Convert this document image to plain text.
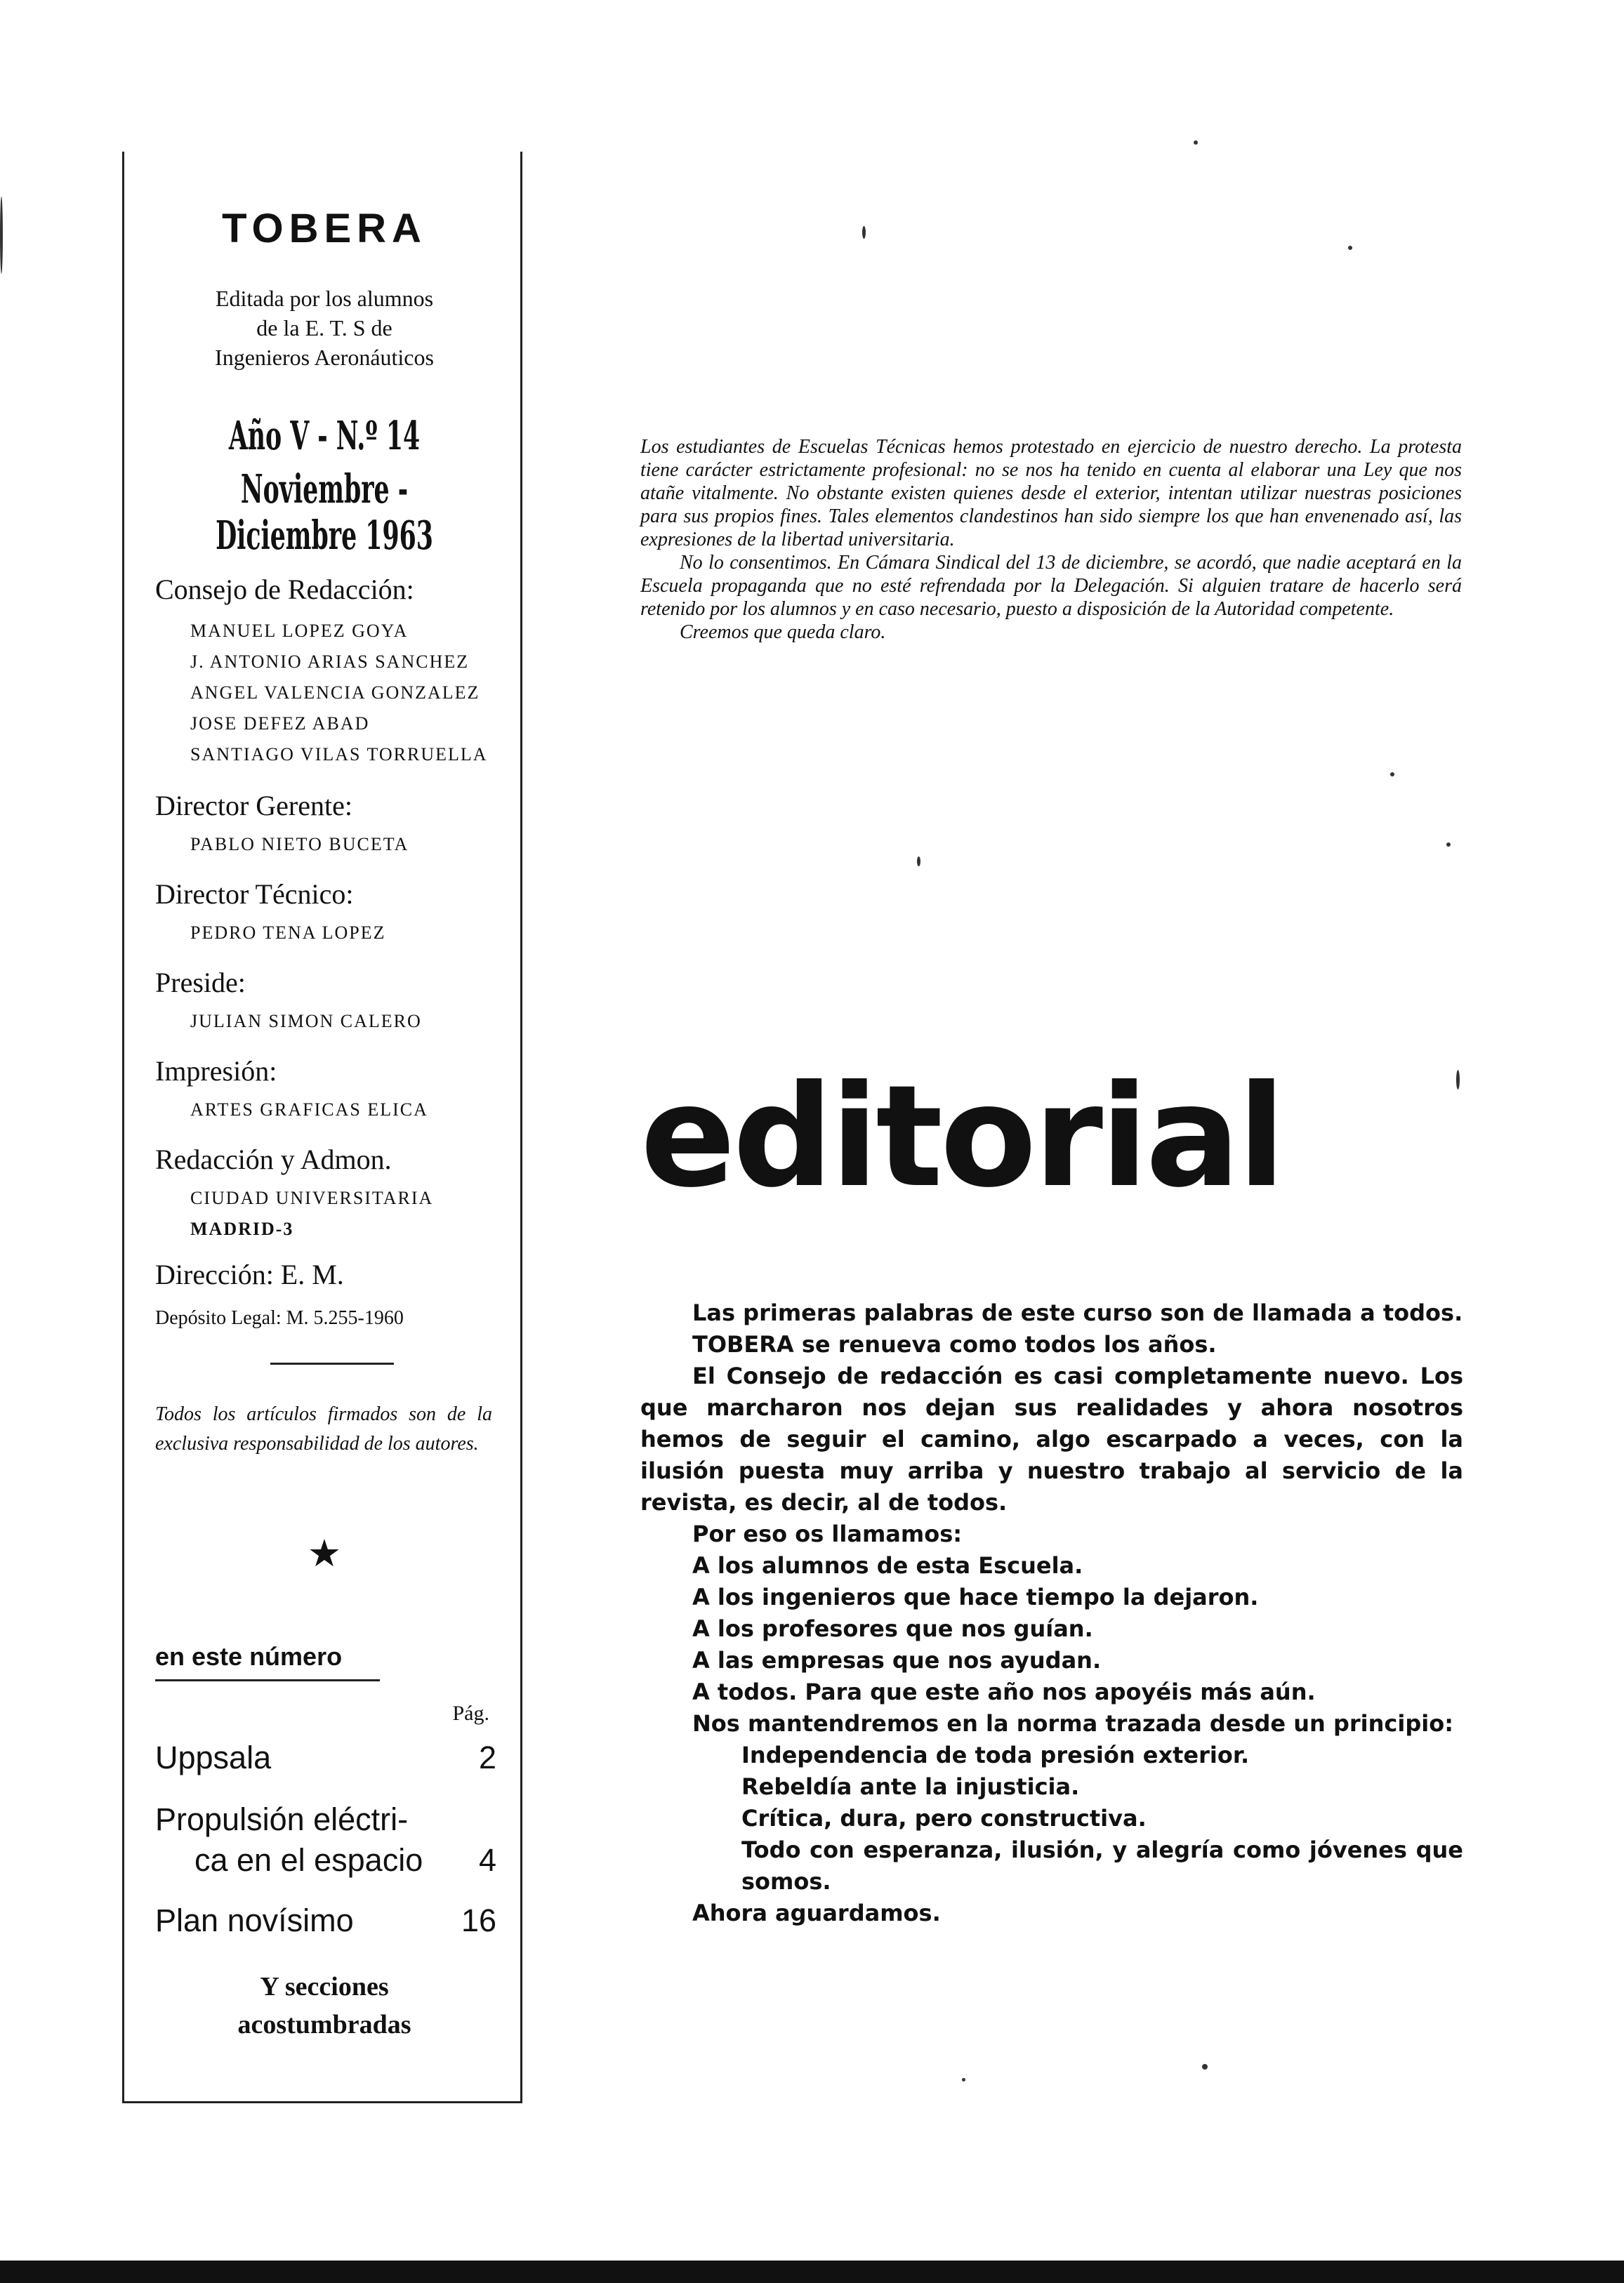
TOBERA
Editada por los alumnos
de la E. T. S de
Ingenieros Aeronáuticos
Año V - N.º 14
Noviembre - Diciembre 1963
Consejo de Redacción:
MANUEL LOPEZ GOYA
J. ANTONIO ARIAS SANCHEZ
ANGEL VALENCIA GONZALEZ
JOSE DEFEZ ABAD
SANTIAGO VILAS TORRUELLA
Director Gerente:
PABLO NIETO BUCETA
Director Técnico:
PEDRO TENA LOPEZ
Preside:
JULIAN SIMON CALERO
Impresión:
ARTES GRAFICAS ELICA
Redacción y Admon.
CIUDAD UNIVERSITARIA
MADRID-3
Dirección: E. M.
Depósito Legal: M. 5.255-1960
Todos los artículos firmados son de la exclusiva responsabilidad de los autores.
★
en este número
Pág.
Uppsala	2
Propulsión eléctri-
ca en el espacio 4
Plan novísimo	16
Y secciones
acostumbradas

Los estudiantes de Escuelas Técnicas hemos protestado en ejercicio de nuestro derecho. La protesta tiene carácter estrictamente profesional: no se nos ha tenido en cuenta al elaborar una Ley que nos atañe vitalmente. No obstante existen quienes desde el exterior, intentan utilizar nuestras posiciones para sus propios fines. Tales elementos clandestinos han sido siempre los que han envenenado así, las expresiones de la libertad universitaria.

No lo consentimos. En Cámara Sindical del 13 de diciembre, se acordó, que nadie aceptará en la Escuela propaganda que no esté refrendada por la Delegación. Si alguien tratare de hacerlo será retenido por los alumnos y en caso necesario, puesto a disposición de la Autoridad competente.

Creemos que queda claro.

editorial

Las primeras palabras de este curso son de llamada a todos.

TOBERA se renueva como todos los años.

El Consejo de redacción es casi completamente nuevo. Los que marcharon nos dejan sus realidades y ahora nosotros hemos de seguir el camino, algo escarpado a veces, con la ilusión puesta muy arriba y nuestro trabajo al servicio de la revista, es decir, al de todos.

Por eso os llamamos:

A los alumnos de esta Escuela.

A los ingenieros que hace tiempo la dejaron.

A los profesores que nos guían.

A las empresas que nos ayudan.

A todos. Para que este año nos apoyéis más aún.

Nos mantendremos en la norma trazada desde un principio:

Independencia de toda presión exterior.

Rebeldía ante la injusticia.

Crítica, dura, pero constructiva.

Todo con esperanza, ilusión, y alegría como jóvenes que somos.

Ahora aguardamos.
